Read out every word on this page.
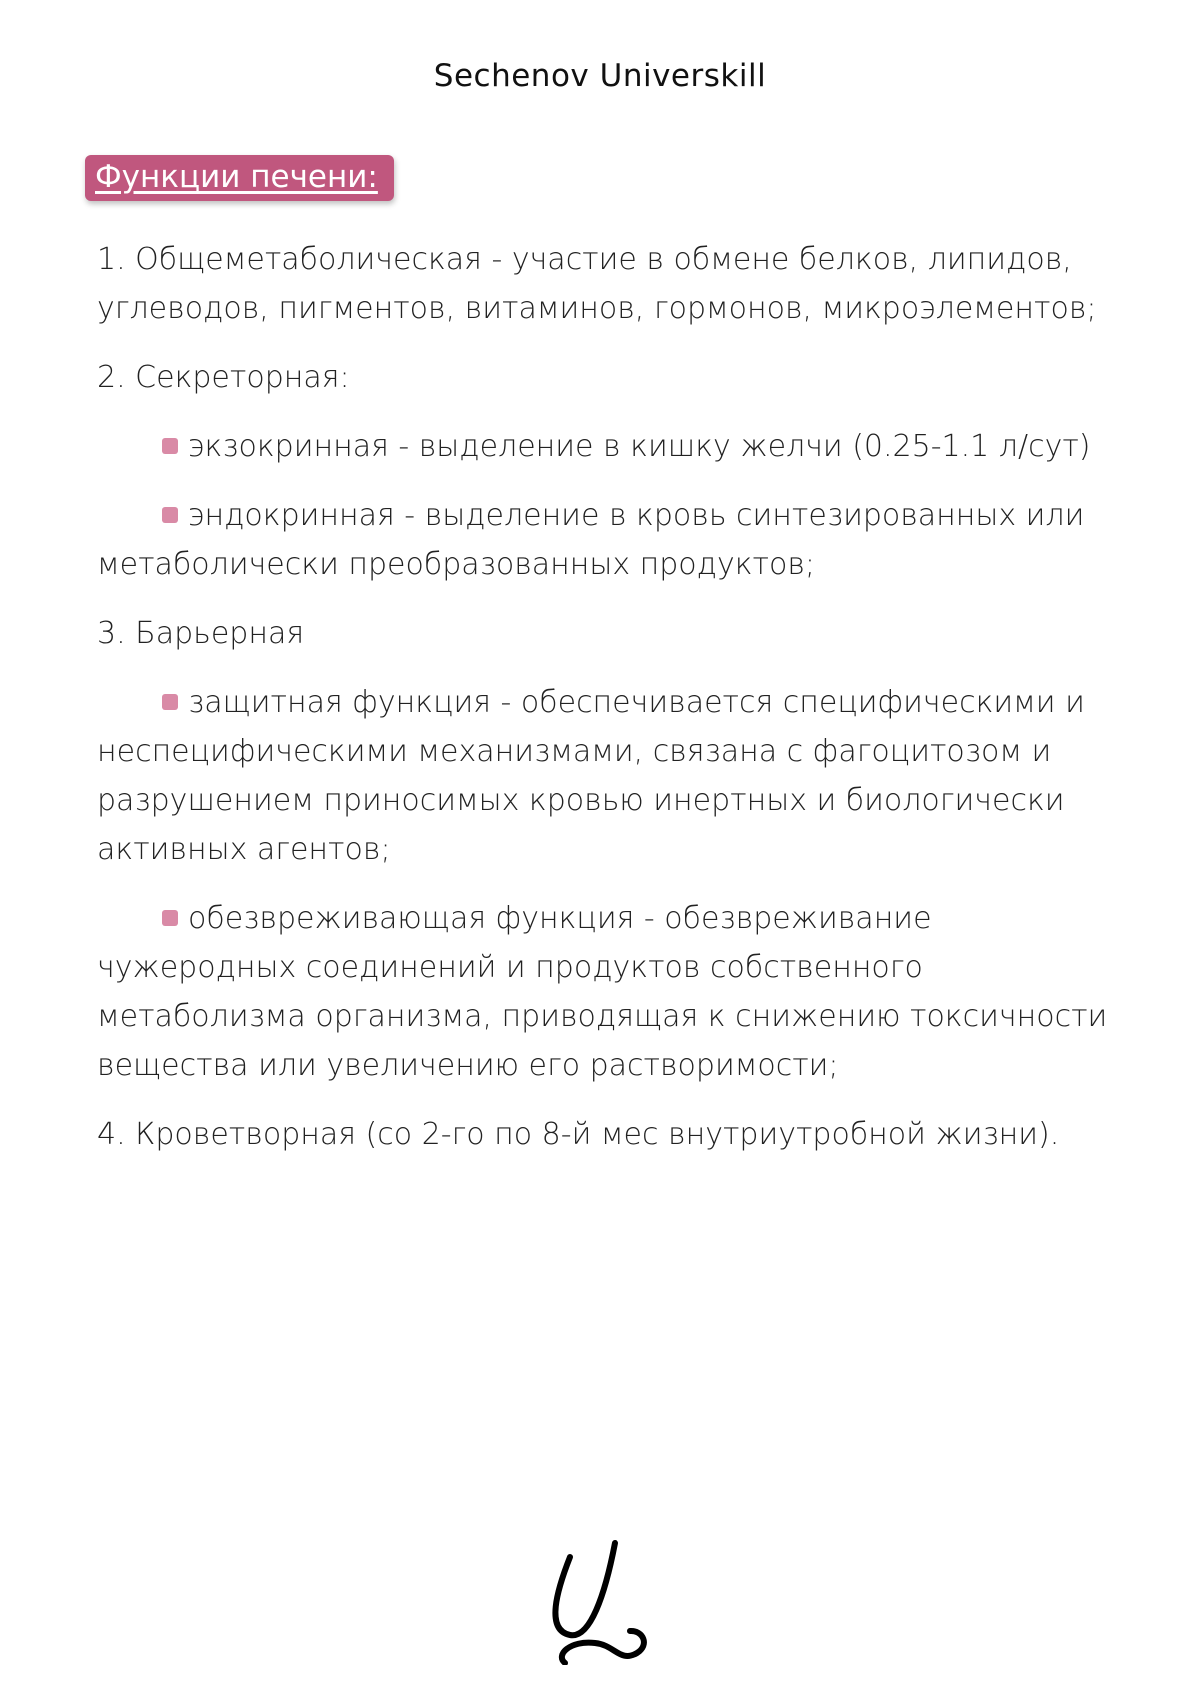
Sechenov Universkill
Функции печени:

1. Общеметаболическая - участие в обмене белков, липидов, углеводов, пигментов, витаминов, гормонов, микроэлементов;

2. Секреторная:

экзокринная - выделение в кишку желчи (0.25-1.1 л/сут)

эндокринная - выделение в кровь синтезированных или метаболически преобразованных продуктов;

3. Барьерная

защитная функция - обеспечивается специфическими и неспецифическими механизмами, связана с фагоцитозом и разрушением приносимых кровью инертных и биологически активных агентов;

обезвреживающая функция - обезвреживание чужеродных соединений и продуктов собственного метаболизма организма, приводящая к снижению токсичности вещества или увеличению его растворимости;

4. Кроветворная (со 2-го по 8-й мес внутриутробной жизни).
